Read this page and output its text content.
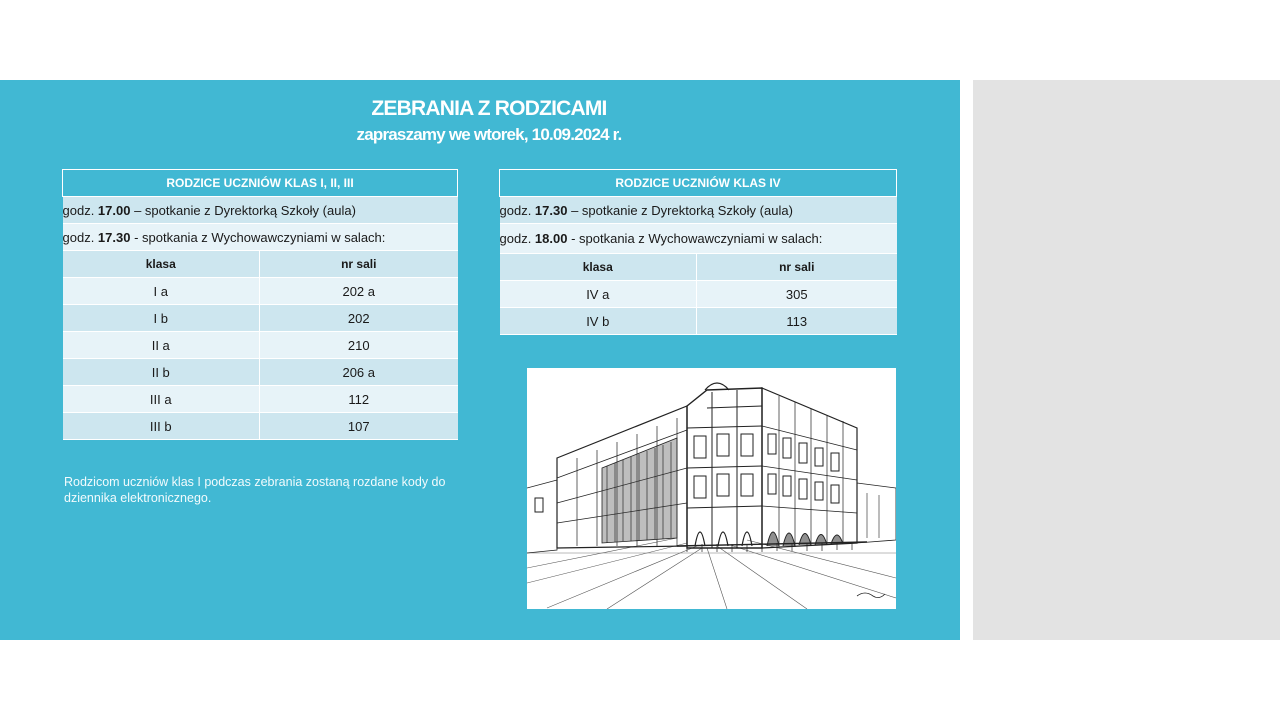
ZEBRANIA Z RODZICAMI
zapraszamy we wtorek, 10.09.2024 r.
RODZICE UCZNIÓW KLAS I, II, III	
godz. 17.00 – spotkanie z Dyrektorką Szkoły (aula)	
godz. 17.30 - spotkania z Wychowawczyniami w salach:	
klasa	nr sali
I a	202 a
I b	202
II a	210
II b	206 a
III a	112
III b	107
RODZICE UCZNIÓW KLAS IV	
godz. 17.30 – spotkanie z Dyrektorką Szkoły (aula)	
godz. 18.00 - spotkania z Wychowawczyniami w salach:	
klasa	nr sali
IV a	305
IV b	113
Rodzicom uczniów klas I podczas zebrania zostaną rozdane kody do dziennika elektronicznego.
